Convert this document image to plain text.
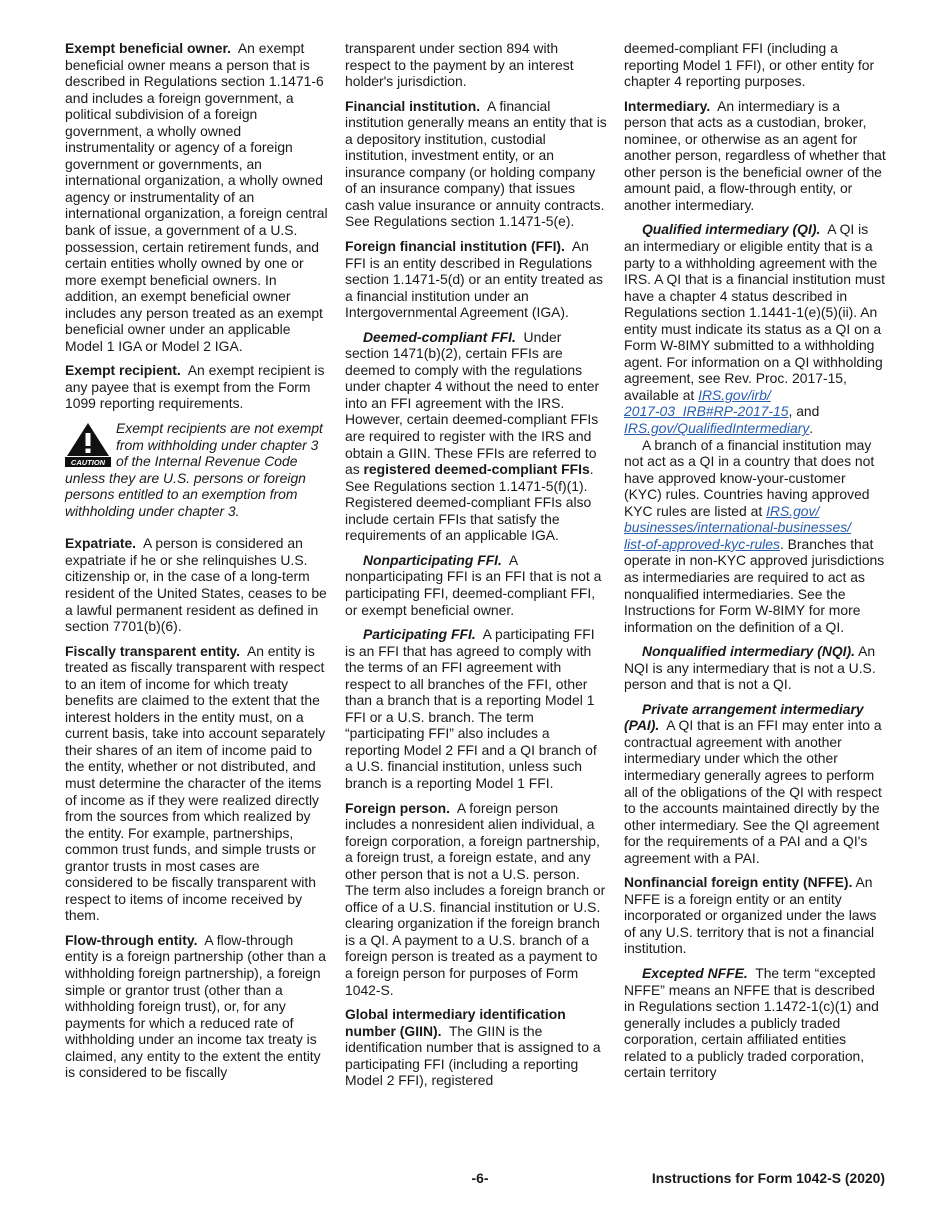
Exempt beneficial owner. An exempt beneficial owner means a person that is described in Regulations section 1.1471-6 and includes a foreign government, a political subdivision of a foreign government, a wholly owned instrumentality or agency of a foreign government or governments, an international organization, a wholly owned agency or instrumentality of an international organization, a foreign central bank of issue, a government of a U.S. possession, certain retirement funds, and certain entities wholly owned by one or more exempt beneficial owners. In addition, an exempt beneficial owner includes any person treated as an exempt beneficial owner under an applicable Model 1 IGA or Model 2 IGA.

Exempt recipient. An exempt recipient is any payee that is exempt from the Form 1099 reporting requirements.

CAUTION
Exempt recipients are not exempt from withholding under chapter 3 of the Internal Revenue Code unless they are U.S. persons or foreign persons entitled to an exemption from withholding under chapter 3.

Expatriate. A person is considered an expatriate if he or she relinquishes U.S. citizenship or, in the case of a long-term resident of the United States, ceases to be a lawful permanent resident as defined in section 7701(b)(6).

Fiscally transparent entity. An entity is treated as fiscally transparent with respect to an item of income for which treaty benefits are claimed to the extent that the interest holders in the entity must, on a current basis, take into account separately their shares of an item of income paid to the entity, whether or not distributed, and must determine the character of the items of income as if they were realized directly from the sources from which realized by the entity. For example, partnerships, common trust funds, and simple trusts or grantor trusts in most cases are considered to be fiscally transparent with respect to items of income received by them.

Flow-through entity. A flow-through entity is a foreign partnership (other than a withholding foreign partnership), a foreign simple or grantor trust (other than a withholding foreign trust), or, for any payments for which a reduced rate of withholding under an income tax treaty is claimed, any entity to the extent the entity is considered to be fiscally

transparent under section 894 with respect to the payment by an interest holder's jurisdiction.

Financial institution. A financial institution generally means an entity that is a depository institution, custodial institution, investment entity, or an insurance company (or holding company of an insurance company) that issues cash value insurance or annuity contracts. See Regulations section 1.1471-5(e).

Foreign financial institution (FFI). An FFI is an entity described in Regulations section 1.1471-5(d) or an entity treated as a financial institution under an Intergovernmental Agreement (IGA).

Deemed-compliant FFI. Under section 1471(b)(2), certain FFIs are deemed to comply with the regulations under chapter 4 without the need to enter into an FFI agreement with the IRS. However, certain deemed-compliant FFIs are required to register with the IRS and obtain a GIIN. These FFIs are referred to as registered deemed-compliant FFIs. See Regulations section 1.1471-5(f)(1). Registered deemed-compliant FFIs also include certain FFIs that satisfy the requirements of an applicable IGA.

Nonparticipating FFI. A nonparticipating FFI is an FFI that is not a participating FFI, deemed-compliant FFI, or exempt beneficial owner.

Participating FFI. A participating FFI is an FFI that has agreed to comply with the terms of an FFI agreement with respect to all branches of the FFI, other than a branch that is a reporting Model 1 FFI or a U.S. branch. The term “participating FFI” also includes a reporting Model 2 FFI and a QI branch of a U.S. financial institution, unless such branch is a reporting Model 1 FFI.

Foreign person. A foreign person includes a nonresident alien individual, a foreign corporation, a foreign partnership, a foreign trust, a foreign estate, and any other person that is not a U.S. person. The term also includes a foreign branch or office of a U.S. financial institution or U.S. clearing organization if the foreign branch is a QI. A payment to a U.S. branch of a foreign person is treated as a payment to a foreign person for purposes of Form 1042-S.

Global intermediary identification number (GIIN). The GIIN is the identification number that is assigned to a participating FFI (including a reporting Model 2 FFI), registered

deemed-compliant FFI (including a reporting Model 1 FFI), or other entity for chapter 4 reporting purposes.

Intermediary. An intermediary is a person that acts as a custodian, broker, nominee, or otherwise as an agent for another person, regardless of whether that other person is the beneficial owner of the amount paid, a flow-through entity, or another intermediary.

Qualified intermediary (QI). A QI is an intermediary or eligible entity that is a party to a withholding agreement with the IRS. A QI that is a financial institution must have a chapter 4 status described in Regulations section 1.1441-1(e)(5)(ii). An entity must indicate its status as a QI on a Form W-8IMY submitted to a withholding agent. For information on a QI withholding agreement, see Rev. Proc. 2017-15, available at IRS.gov/irb/
2017-03_IRB#RP-2017-15, and
IRS.gov/QualifiedIntermediary.

A branch of a financial institution may not act as a QI in a country that does not have approved know-your-customer (KYC) rules. Countries having approved KYC rules are listed at IRS.gov/
businesses/international-businesses/
list-of-approved-kyc-rules. Branches that operate in non-KYC approved jurisdictions as intermediaries are required to act as nonqualified intermediaries. See the Instructions for Form W-8IMY for more information on the definition of a QI.

Nonqualified intermediary (NQI). An NQI is any intermediary that is not a U.S. person and that is not a QI.

Private arrangement intermediary (PAI). A QI that is an FFI may enter into a contractual agreement with another intermediary under which the other intermediary generally agrees to perform all of the obligations of the QI with respect to the accounts maintained directly by the other intermediary. See the QI agreement for the requirements of a PAI and a QI's agreement with a PAI.

Nonfinancial foreign entity (NFFE). An NFFE is a foreign entity or an entity incorporated or organized under the laws of any U.S. territory that is not a financial institution.

Excepted NFFE. The term “excepted NFFE” means an NFFE that is described in Regulations section 1.1472-1(c)(1) and generally includes a publicly traded corporation, certain affiliated entities related to a publicly traded corporation, certain territory

-6-	Instructions for Form 1042-S (2020)
